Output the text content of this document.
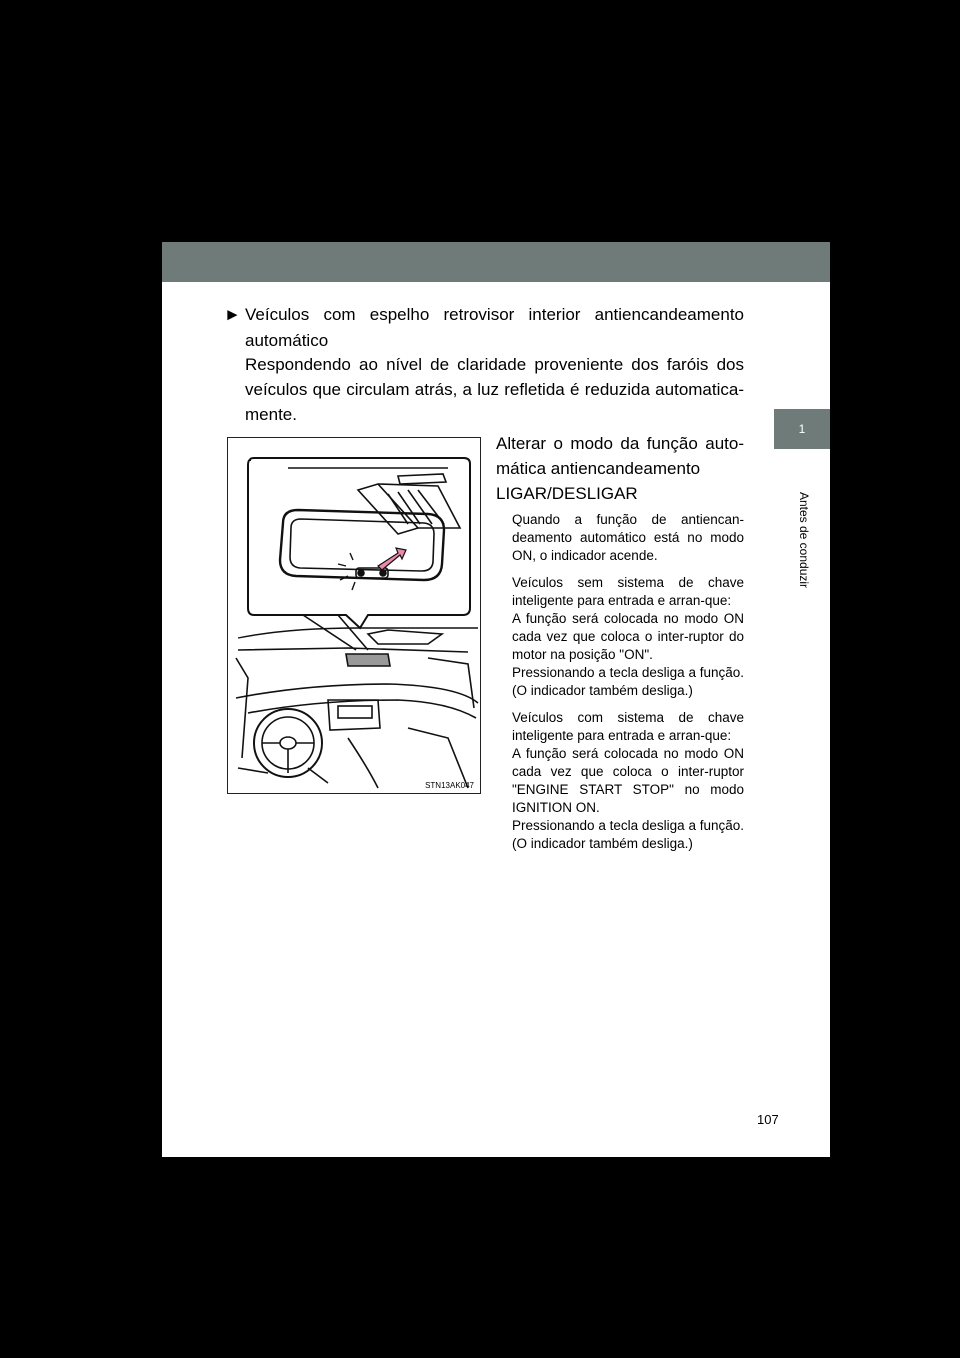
1
Antes de conduzir
► Veículos com espelho retrovisor interior antiencandeamento automático
Respondendo ao nível de claridade proveniente dos faróis dos veículos que circulam atrás, a luz refletida é reduzida automatica-mente.
STN13AK047
Alterar o modo da função auto-
mática antiencandeamento
LIGAR/DESLIGAR

Quando a função de antiencan-deamento automático está no modo ON, o indicador acende.

Veículos sem sistema de chave inteligente para entrada e arran-que:
A função será colocada no modo ON cada vez que coloca o inter-ruptor do motor na posição "ON".
Pressionando a tecla desliga a função. (O indicador também desliga.)

Veículos com sistema de chave inteligente para entrada e arran-que:
A função será colocada no modo ON cada vez que coloca o inter-ruptor "ENGINE START STOP" no modo IGNITION ON.
Pressionando a tecla desliga a função. (O indicador também desliga.)

107
